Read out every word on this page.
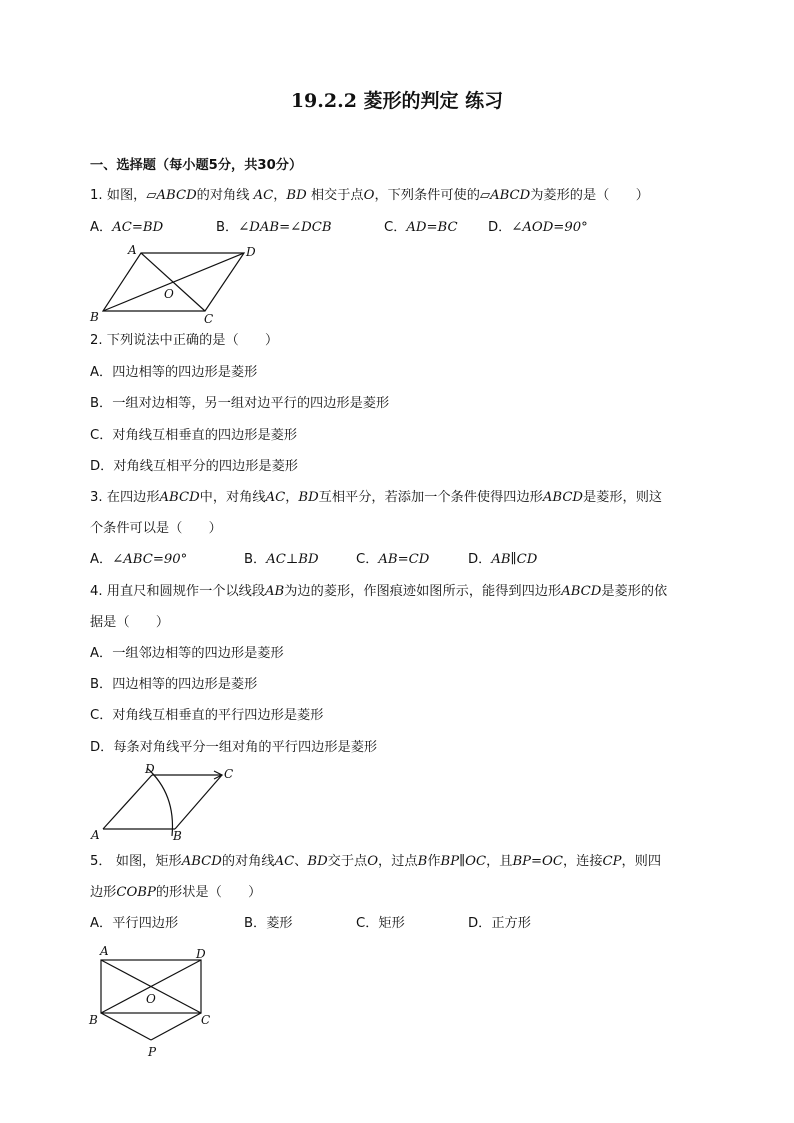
19.2.2 菱形的判定 练习
一、选择题（每小题5分，共30分）
1. 如图，▱ABCD的对角线 AC，BD 相交于点O，下列条件可使的▱ABCD为菱形的是（　　）
A．AC=BD	B．∠DAB=∠DCB	C．AD=BC D．∠AOD=90°
A	D
O
B	C
2. 下列说法中正确的是（　　）
A．四边相等的四边形是菱形
B．一组对边相等，另一组对边平行的四边形是菱形
C．对角线互相垂直的四边形是菱形
D．对角线互相平分的四边形是菱形
3. 在四边形ABCD中，对角线AC，BD互相平分，若添加一个条件使得四边形ABCD是菱形，则这
个条件可以是（　　）
A．∠ABC=90°	B．AC⊥BD	C．AB=CD	D．AB∥CD
4. 用直尺和圆规作一个以线段AB为边的菱形，作图痕迹如图所示，能得到四边形ABCD是菱形的依
据是（　　）
A．一组邻边相等的四边形是菱形
B．四边相等的四边形是菱形
C．对角线互相垂直的平行四边形是菱形
D．每条对角线平分一组对角的平行四边形是菱形
D	C
A	B
5． 如图，矩形ABCD的对角线AC、BD交于点O，过点B作BP∥OC，且BP=OC，连接CP，则四
边形COBP的形状是（　　）
A．平行四边形	B．菱形	C．矩形	D．正方形
A	D
O
B	C
P
